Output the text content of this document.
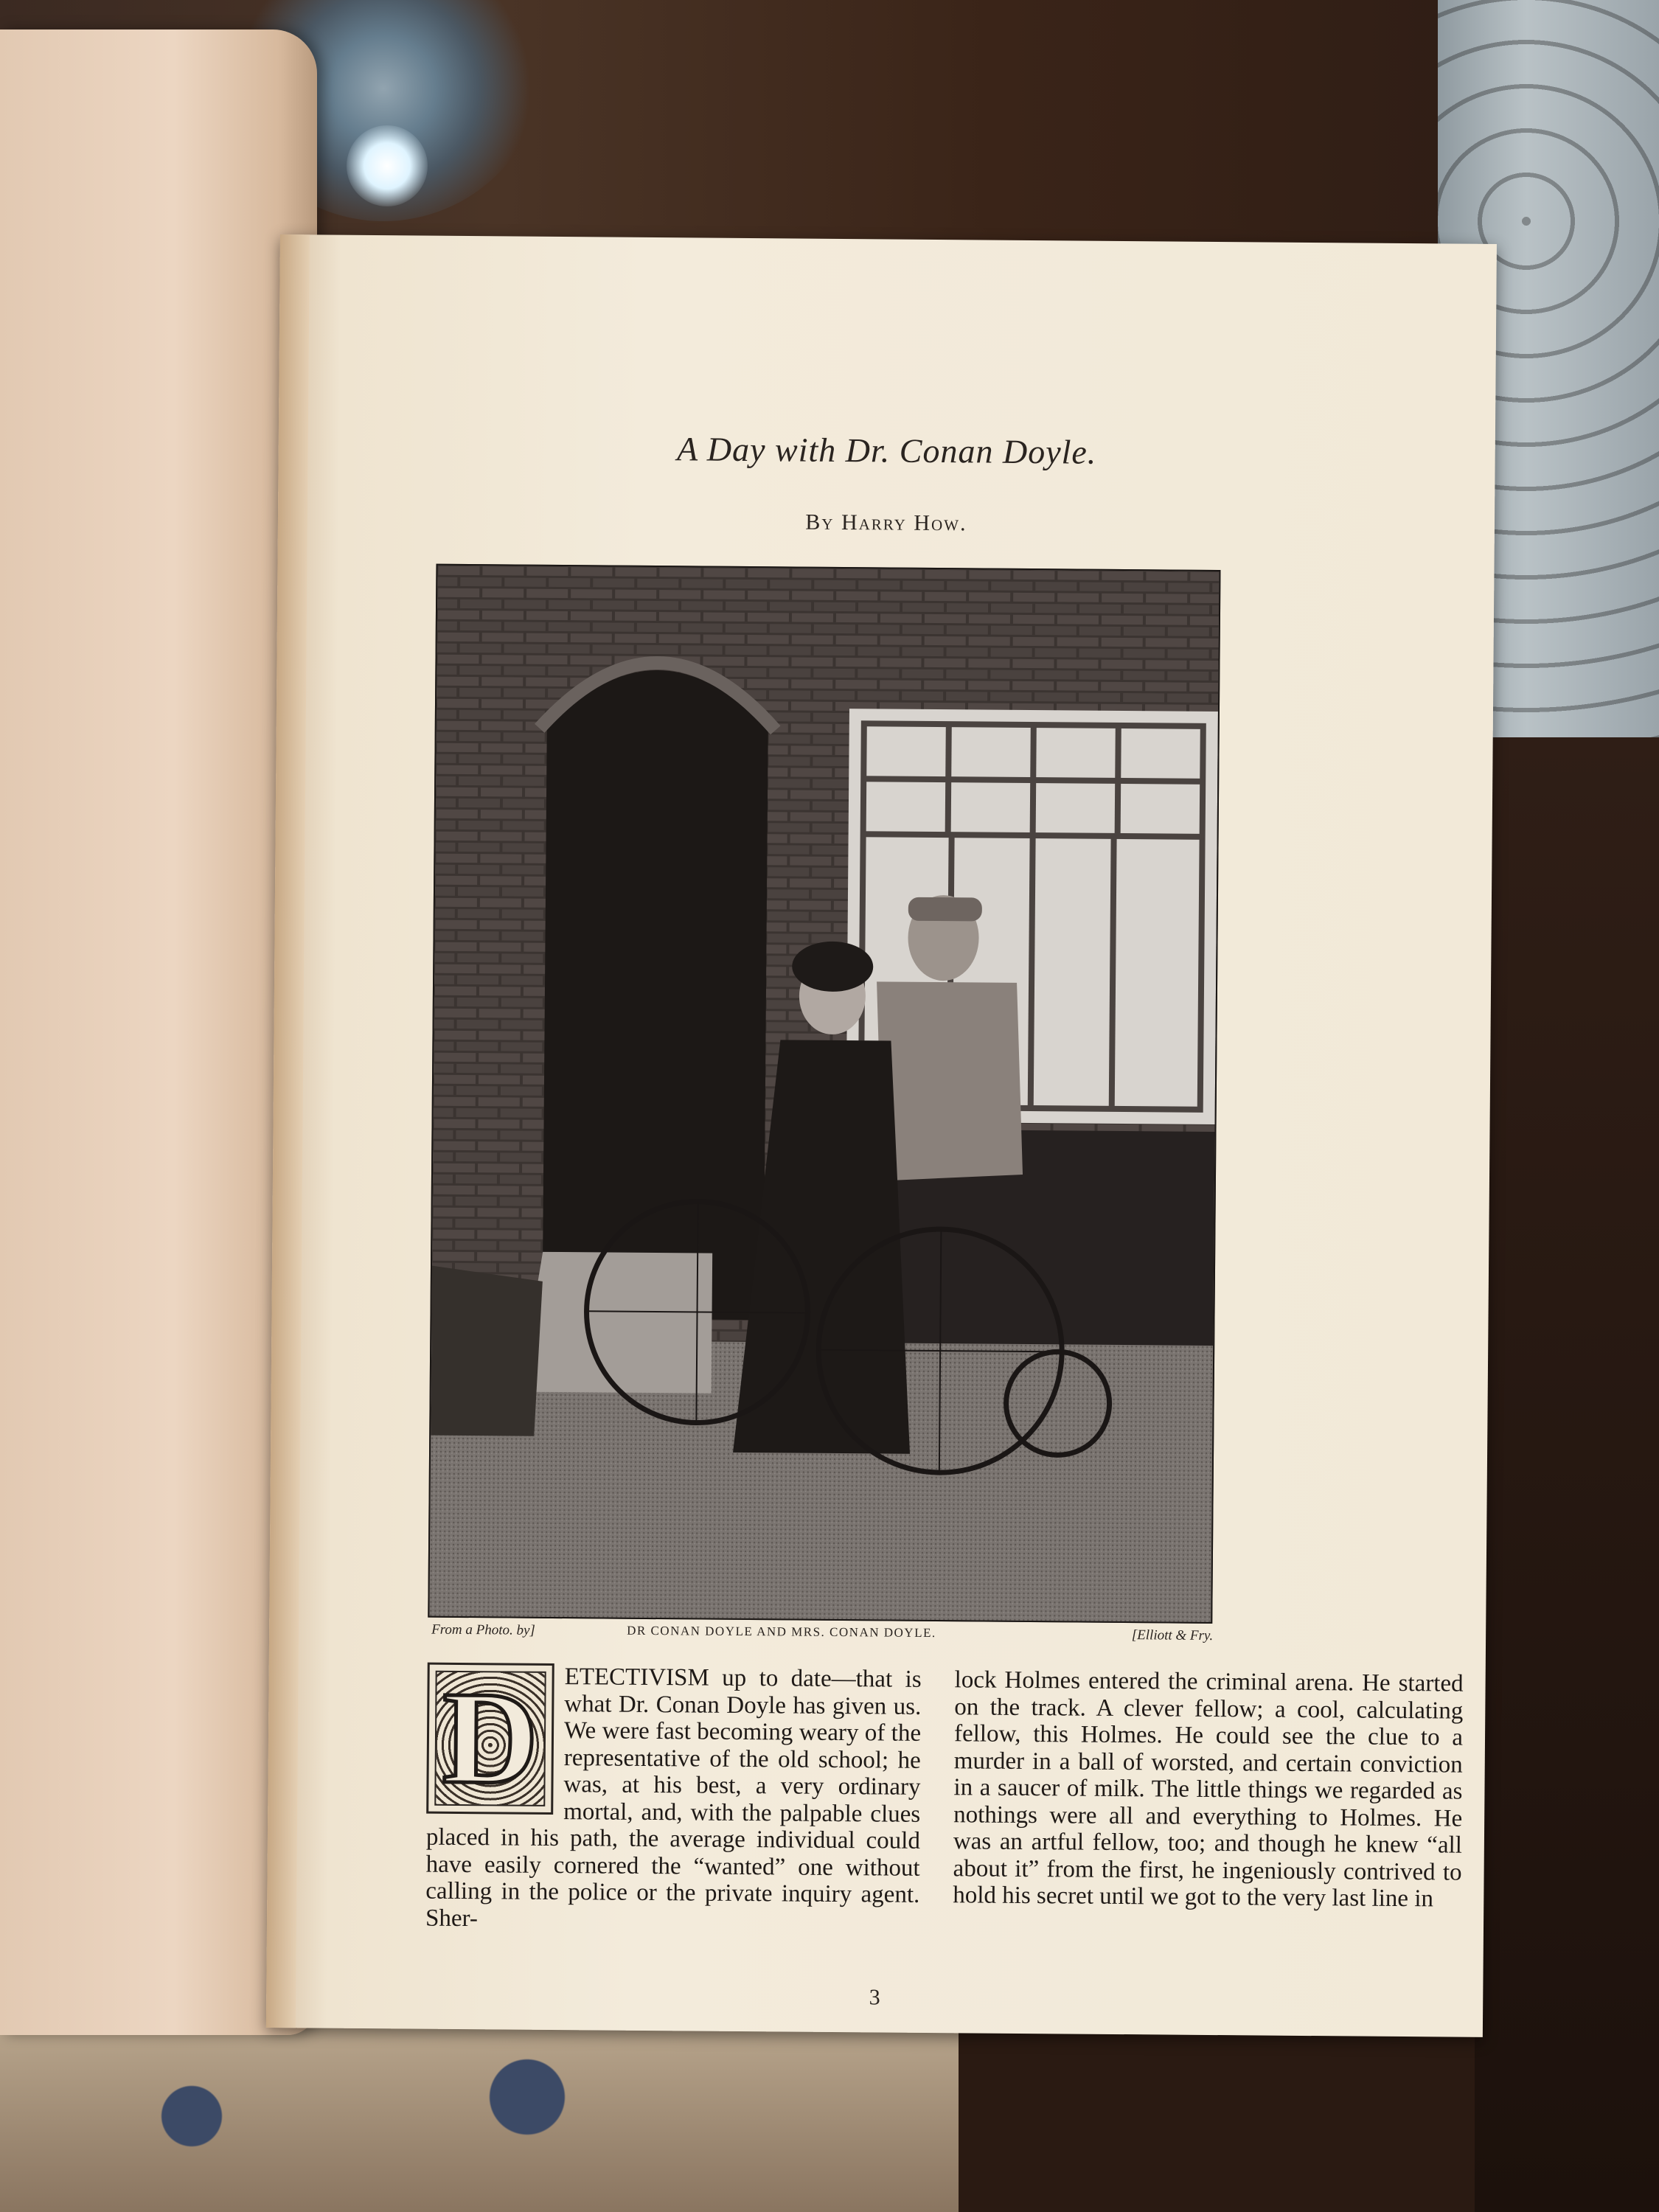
A Day with Dr. Conan Doyle.
By Harry How.
From a Photo. by]	DR CONAN DOYLE AND MRS. CONAN DOYLE.	[Elliott & Fry.
D	ETECTIVISM up to date—that is what Dr. Conan Doyle has given us. We were fast becoming weary of the representative of the old school; he was, at his best, a very ordinary mortal, and, with the palpable clues placed in his path, the average individual could have easily cornered the “wanted” one without calling in the police or the private inquiry agent. Sher-

lock Holmes entered the criminal arena. He started on the track. A clever fellow; a cool, calculating fellow, this Holmes. He could see the clue to a murder in a ball of worsted, and certain conviction in a saucer of milk. The little things we regarded as nothings were all and everything to Holmes. He was an artful fellow, too; and though he knew “all about it” from the first, he ingeniously contrived to hold his secret until we got to the very last line in

3
